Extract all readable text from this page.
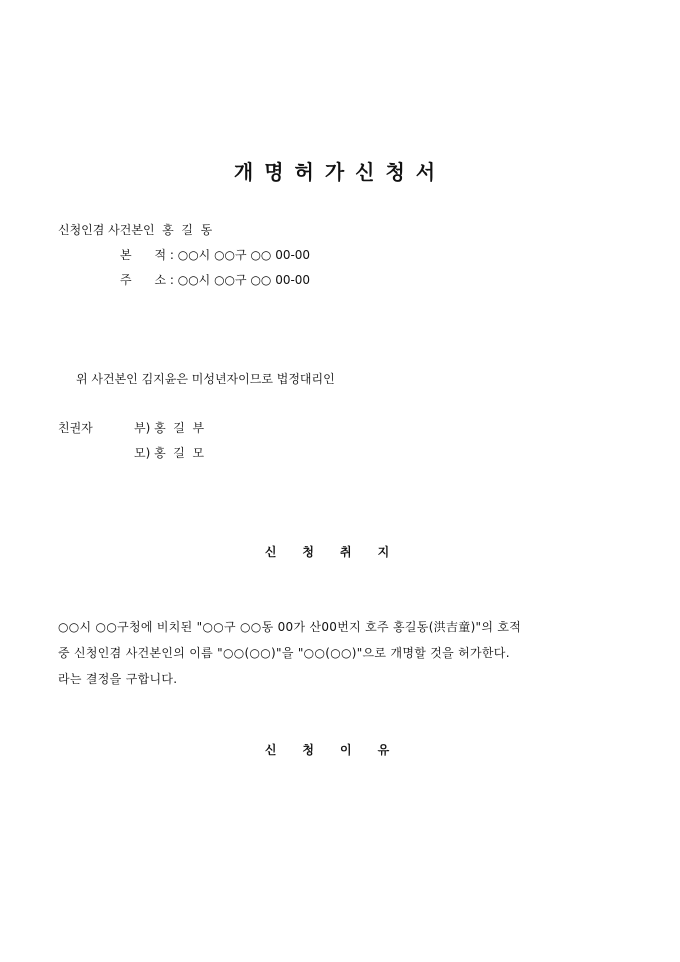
개명허가신청서
신청인겸 사건본인  홍  길  동
본      적 : ○○시 ○○구 ○○ 00-00
주      소 : ○○시 ○○구 ○○ 00-00
위 사건본인 김지윤은 미성년자이므로 법정대리인
친권자	부) 홍  길  부
모) 홍  길  모
신청취지
○○시 ○○구청에 비치된 "○○구 ○○동 00가 산00번지 호주 홍길동(洪吉童)"의 호적
중 신청인겸 사건본인의 이름 "○○(○○)"을 "○○(○○)"으로 개명할 것을 허가한다.
라는 결정을 구합니다.
신청이유
